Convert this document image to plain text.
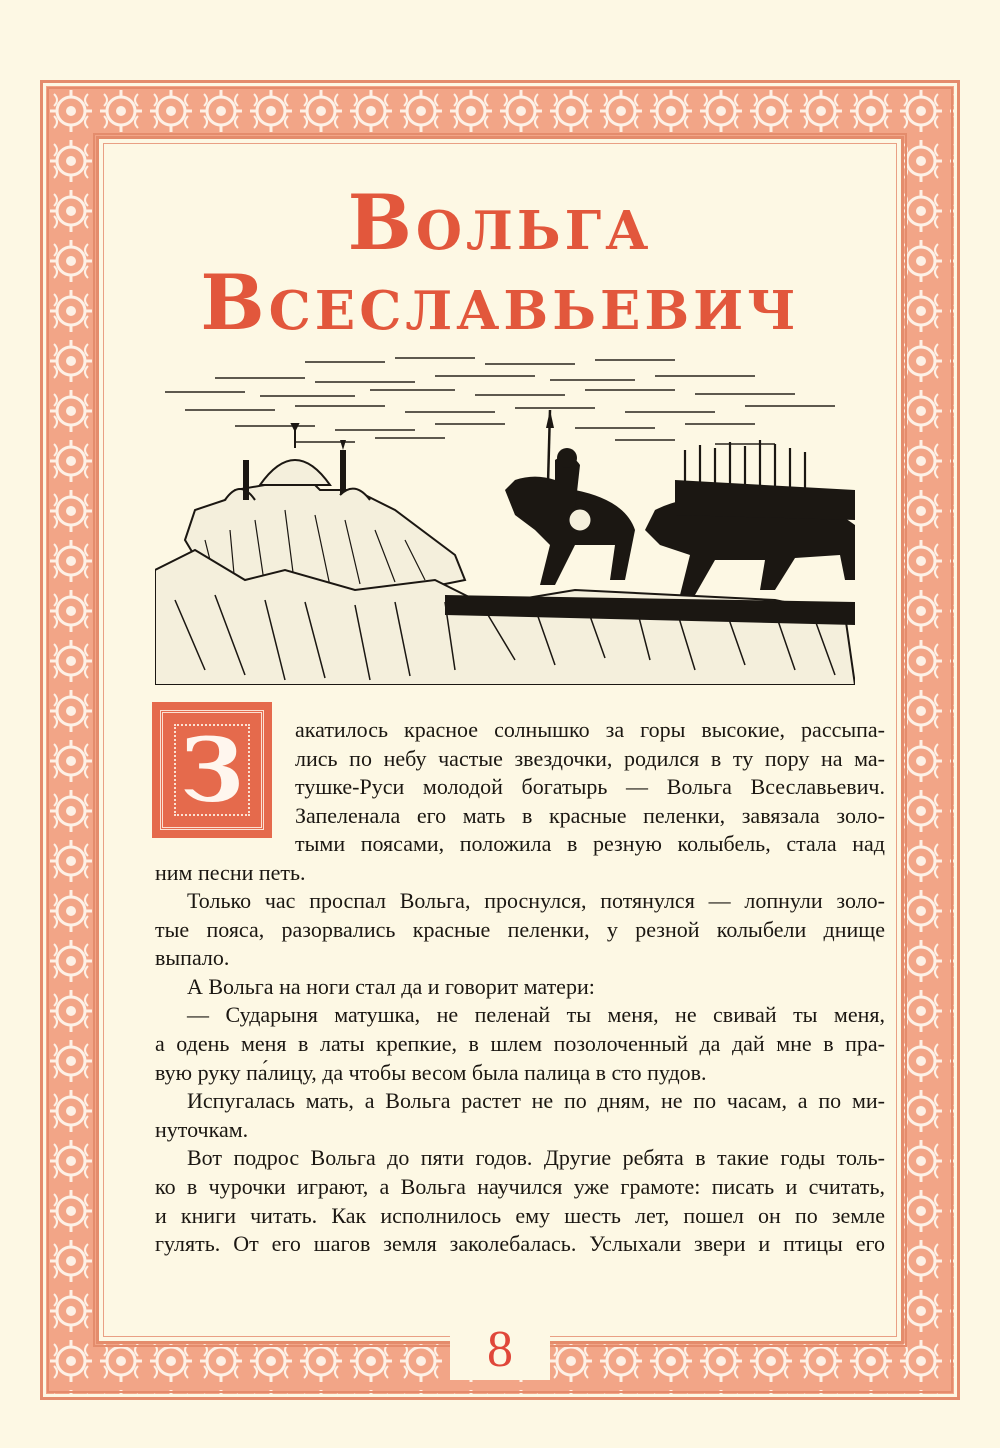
Вольга
Всеславьевич
З	акатилось красное солнышко за горы высокие, рассыпа-
лись по небу частые звездочки, родился в ту пору на ма-
тушке-Руси молодой богатырь — Вольга Всеславьевич.
Запеленала его мать в красные пеленки, завязала золо-
тыми поясами, положила в резную колыбель, стала над
ним песни петь.
Только час проспал Вольга, проснулся, потянулся — лопнули золо-
тые пояса, разорвались красные пеленки, у резной колыбели днище
выпало.
А Вольга на ноги стал да и говорит матери:
— Сударыня матушка, не пеленай ты меня, не свивай ты меня,
а одень меня в латы крепкие, в шлем позолоченный да дай мне в пра-
вую руку па́лицу, да чтобы весом была палица в сто пудов.
Испугалась мать, а Вольга растет не по дням, не по часам, а по ми-
нуточкам.
Вот подрос Вольга до пяти годов. Другие ребята в такие годы толь-
ко в чурочки играют, а Вольга научился уже грамоте: писать и считать,
и книги читать. Как исполнилось ему шесть лет, пошел он по земле
гулять. От его шагов земля заколебалась. Услыхали звери и птицы его
8
